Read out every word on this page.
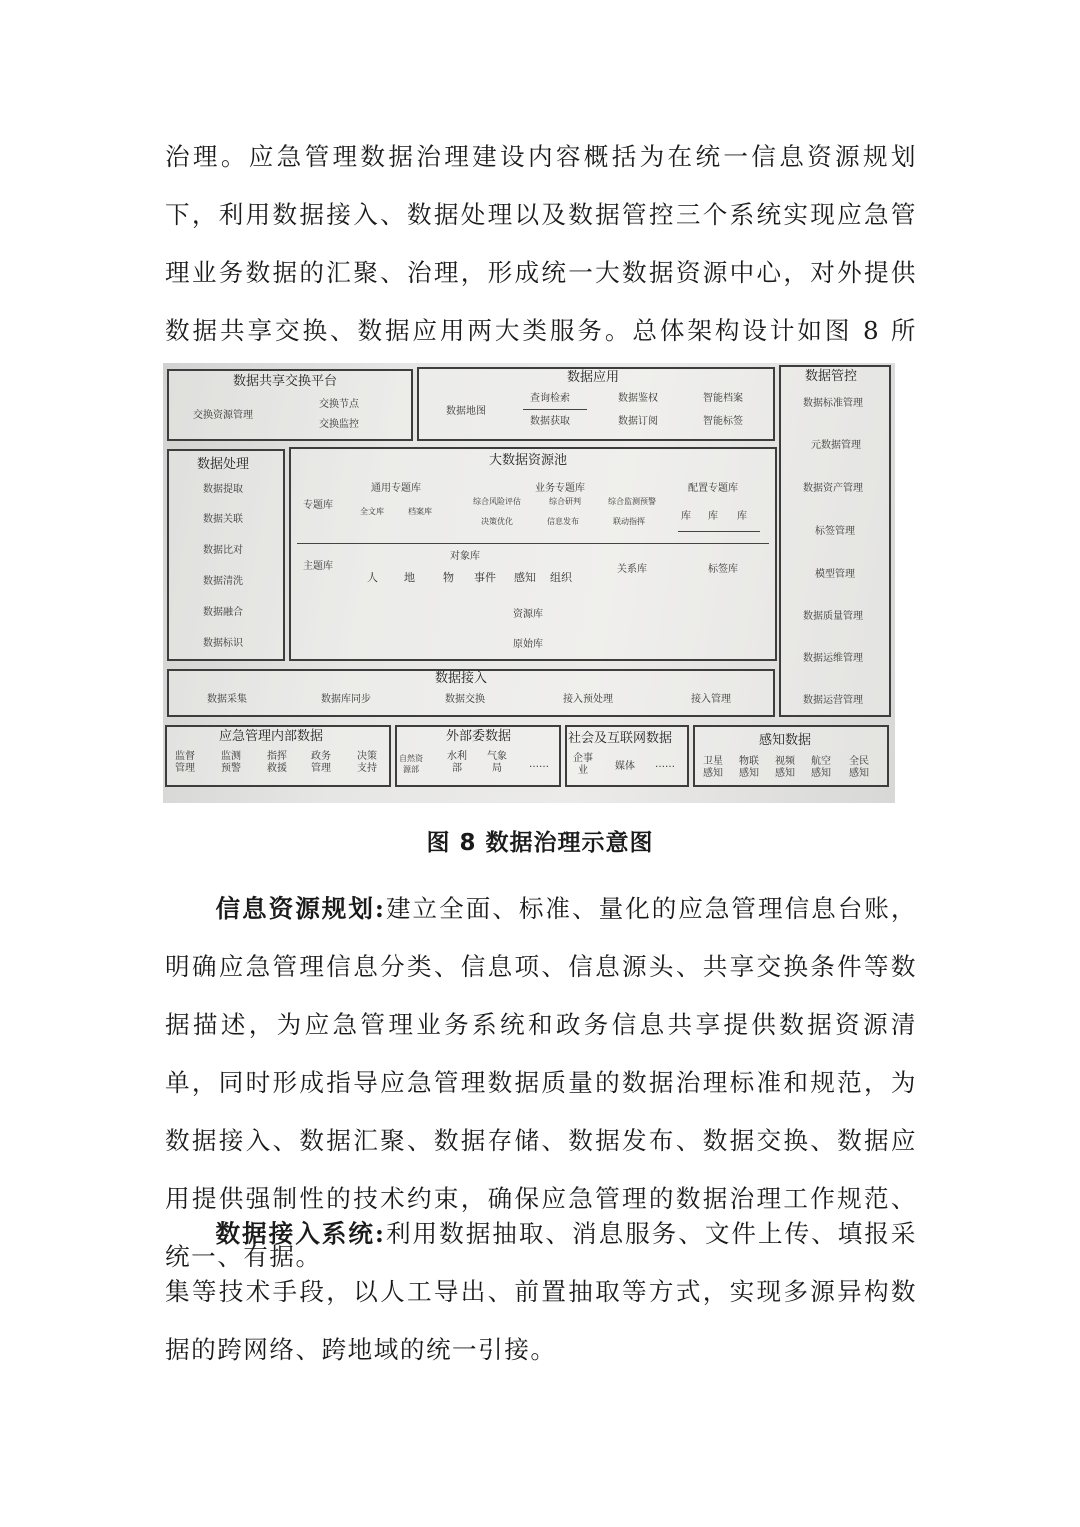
治理。应急管理数据治理建设内容概括为在统一信息资源规划下，利用数据接入、数据处理以及数据管控三个系统实现应急管理业务数据的汇聚、治理，形成统一大数据资源中心，对外提供数据共享交换、数据应用两大类服务。总体架构设计如图 8 所

数据共享交换平台
交换资源管理
交换节点
交换监控
数据应用
数据地图
查询检索
数据获取
数据鉴权
数据订阅
智能档案
智能标签
数据管控
数据标准管理
元数据管理
数据资产管理
标签管理
模型管理
数据质量管理
数据运维管理
数据运营管理
数据处理
数据提取
数据关联
数据比对
数据清洗
数据融合
数据标识
大数据资源池
专题库
通用专题库
全文库	档案库
业务专题库
综合风险评估	综合研判	综合监测预警
决策优化	信息发布	联动指挥
配置专题库
库 库 库
主题库
对象库
人 地	物 事件 感知 组织
关系库	标签库
资源库
原始库
数据接入
数据采集	数据库同步	数据交换	接入预处理	接入管理
应急管理内部数据
监督
管理
监测
预警
指挥
救援
政务
管理
决策
支持
外部委数据
自然资
源部
水利
部
气象
局	……
社会及互联网数据
企事
业	媒体 ……
感知数据
卫星
感知
物联
感知
视频
感知
航空
感知
全民
感知
图 8 数据治理示意图

信息资源规划:建立全面、标准、量化的应急管理信息台账，明确应急管理信息分类、信息项、信息源头、共享交换条件等数据描述，为应急管理业务系统和政务信息共享提供数据资源清单，同时形成指导应急管理数据质量的数据治理标准和规范，为数据接入、数据汇聚、数据存储、数据发布、数据交换、数据应用提供强制性的技术约束，确保应急管理的数据治理工作规范、统一、有据。

数据接入系统:利用数据抽取、消息服务、文件上传、填报采集等技术手段，以人工导出、前置抽取等方式，实现多源异构数据的跨网络、跨地域的统一引接。
